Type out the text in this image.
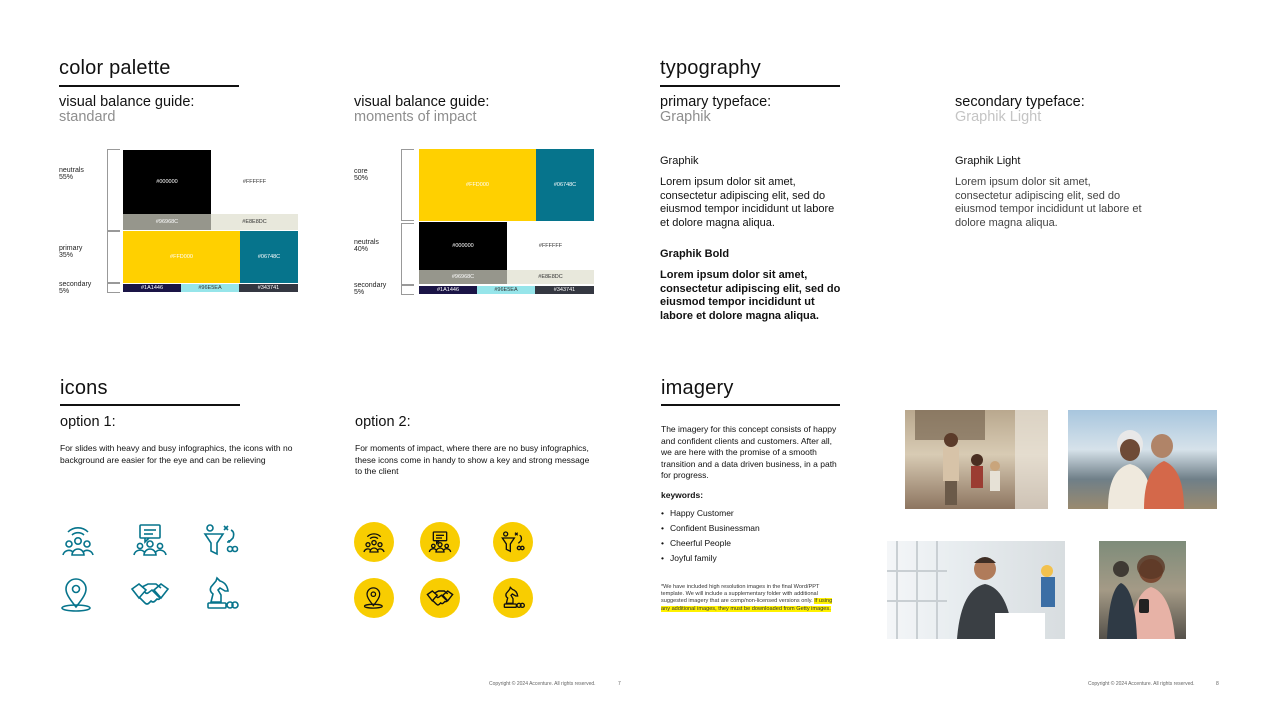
color palette
visual balance guide:
standard
neutrals
55%
primary
35%
secondary
5%
#000000	#FFFFFF
#96968C	#E8E8DC
#FFD000	#06748C
#1A1446	#96E5EA	#343741
visual balance guide:
moments of impact
core
50%
neutrals
40%
secondary
5%
#FFD000	#06748C
#000000	#FFFFFF
#96968C	#E8E8DC
#1A1446	#96E5EA	#343741
typography
primary typeface:
Graphik
Graphik
Lorem ipsum dolor sit amet, consectetur adipiscing elit, sed do eiusmod tempor incididunt ut labore et dolore magna aliqua.
Graphik Bold
Lorem ipsum dolor sit amet, consectetur adipiscing elit, sed do eiusmod tempor incididunt ut labore et dolore magna aliqua.
secondary typeface:
Graphik Light
Graphik Light
Lorem ipsum dolor sit amet, consectetur adipiscing elit, sed do eiusmod tempor incididunt ut labore et dolore magna aliqua.
icons
option 1:
For slides with heavy and busy infographics, the icons with no background are easier for the eye and can be relieving
option 2:
For moments of impact, where there are no busy infographics, these icons come in handy to show a key and strong message to the client
imagery
The imagery for this concept consists of happy and confident clients and customers. After all, we are here with the promise of a smooth transition and a data driven business, in a path for progress.
keywords:
• Happy Customer
• Confident Businessman
• Cheerful People
• Joyful family
*We have included high resolution images in the final Word/PPT template. We will include a supplementary folder with additional suggested imagery that are comp/non-licensed versions only. If using any additional images, they must be downloaded from Getty images.
Copyright © 2024 Accenture. All rights reserved.	7	Copyright © 2024 Accenture. All rights reserved.	8
